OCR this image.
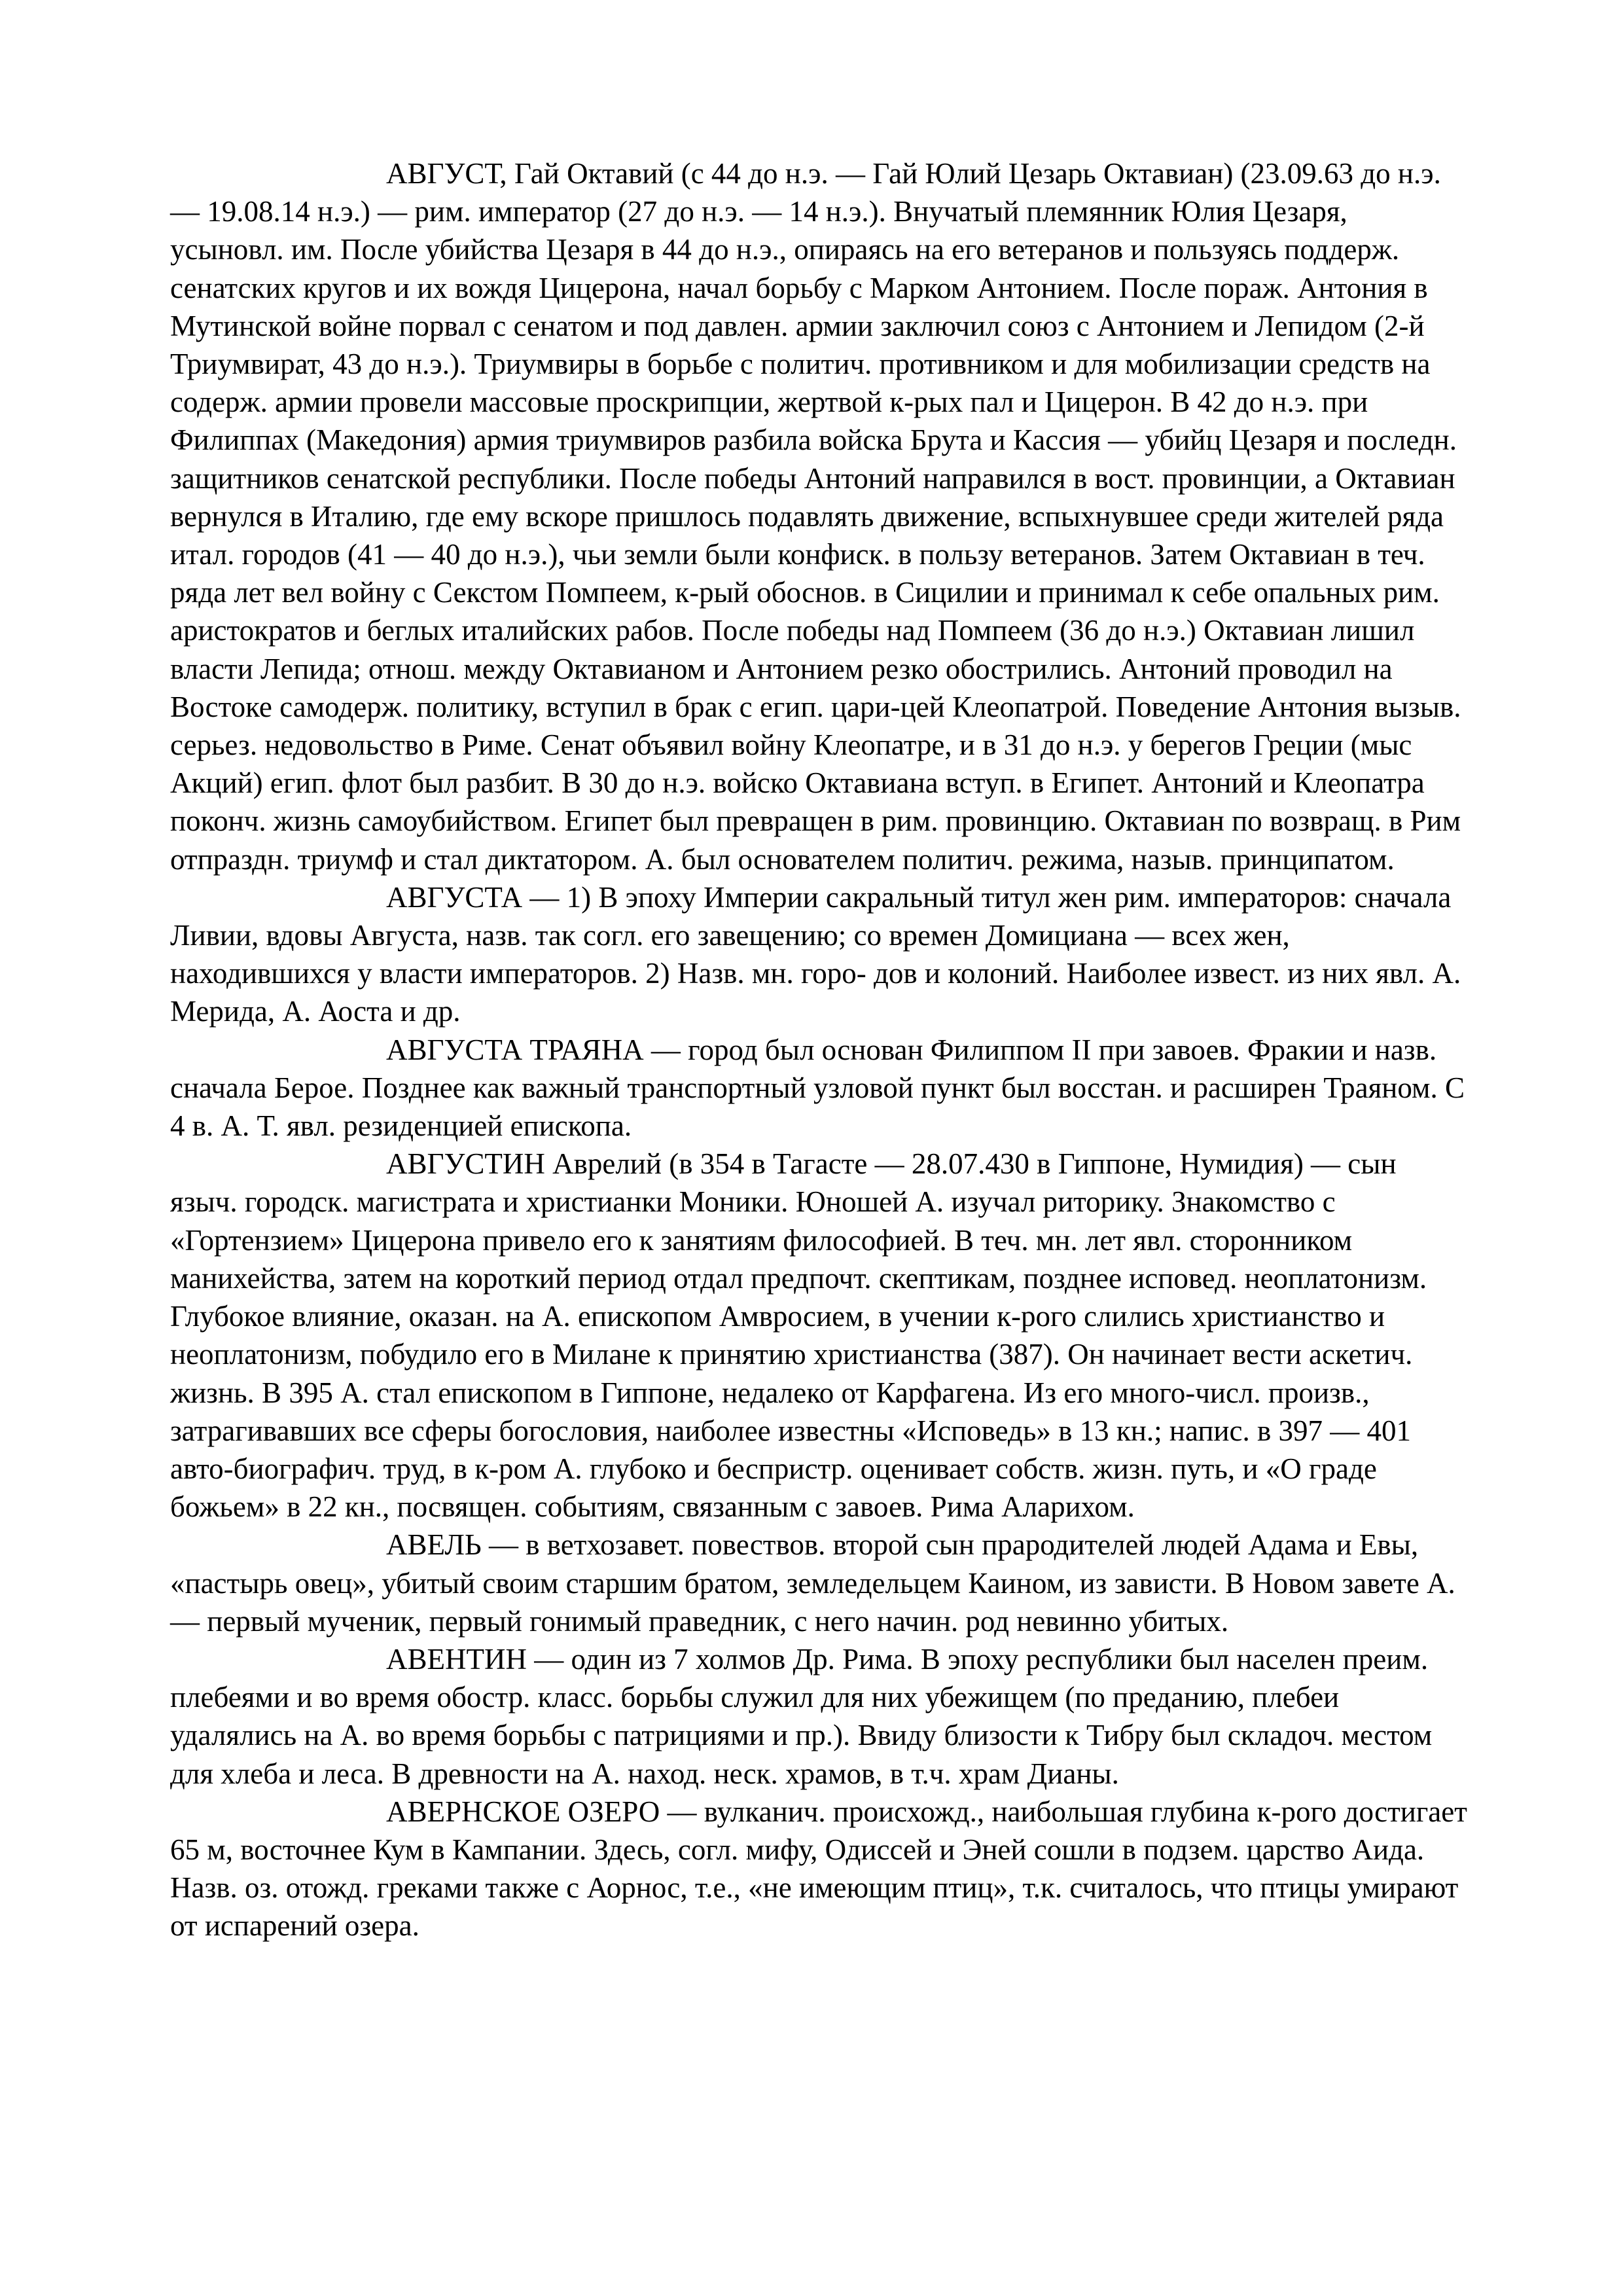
АВГУСТ, Гай Октавий (с 44 до н.э. — Гай Юлий Цезарь Октавиан) (23.09.63 до н.э. — 19.08.14 н.э.) — рим. император (27 до н.э. — 14 н.э.). Внучатый племянник Юлия Цезаря, усыновл. им. После убийства Цезаря в 44 до н.э., опираясь на его ветеранов и пользуясь поддерж. сенатских кругов и их вождя Цицерона, начал борьбу с Марком Антонием. После пораж. Антония в Мутинской войне порвал с сенатом и под давлен. армии заключил союз с Антонием и Лепидом (2-й Триумвират, 43 до н.э.). Триумвиры в борьбе с политич. противником и для мобилизации средств на содерж. армии провели массовые проскрипции, жертвой к-рых пал и Цицерон. В 42 до н.э. при Филиппах (Македония) армия триумвиров разбила войска Брута и Кассия — убийц Цезаря и последн. защитников сенатской республики. После победы Антоний направился в вост. провинции, а Октавиан вернулся в Италию, где ему вскоре пришлось подавлять движение, вспыхнувшее среди жителей ряда итал. городов (41 — 40 до н.э.), чьи земли были конфиск. в пользу ветеранов. Затем Октавиан в теч. ряда лет вел войну с Секстом Помпеем, к-рый обоснов. в Сицилии и принимал к себе опальных рим. аристократов и беглых италийских рабов. После победы над Помпеем (36 до н.э.) Октавиан лишил власти Лепида; отнош. между Октавианом и Антонием резко обострились. Антоний проводил на Востоке самодерж. политику, вступил в брак с егип. цари-цей Клеопатрой. Поведение Антония вызыв. серьез. недовольство в Риме. Сенат объявил войну Клеопатре, и в 31 до н.э. у берегов Греции (мыс Акций) егип. флот был разбит. В 30 до н.э. войско Октавиана вступ. в Египет. Антоний и Клеопатра поконч. жизнь самоубийством. Египет был превращен в рим. провинцию. Октавиан по возвращ. в Рим отпраздн. триумф и стал диктатором. А. был основателем политич. режима, назыв. принципатом.

АВГУСТА — 1) В эпоху Империи сакральный титул жен рим. императоров: сначала Ливии, вдовы Августа, назв. так согл. его завещению; со времен Домициана — всех жен, находившихся у власти императоров. 2) Назв. мн. горо- дов и колоний. Наиболее извест. из них явл. А. Мерида, А. Аоста и др.

АВГУСТА ТРАЯНА — город был основан Филиппом II при завоев. Фракии и назв. сначала Берое. Позднее как важный транспортный узловой пункт был восстан. и расширен Траяном. С 4 в. А. Т. явл. резиденцией епископа.

АВГУСТИН Аврелий (в 354 в Тагасте — 28.07.430 в Гиппоне, Нумидия) — сын языч. городск. магистрата и христианки Моники. Юношей А. изучал риторику. Знакомство с «Гортензием» Цицерона привело его к занятиям философией. В теч. мн. лет явл. сторонником манихейства, затем на короткий период отдал предпочт. скептикам, позднее исповед. неоплатонизм. Глубокое влияние, оказан. на А. епископом Амвросием, в учении к-рого слились христианство и неоплатонизм, побудило его в Милане к принятию христианства (387). Он начинает вести аскетич. жизнь. В 395 А. стал епископом в Гиппоне, недалеко от Карфагена. Из его много-числ. произв., затрагивавших все сферы богословия, наиболее известны «Исповедь» в 13 кн.; напис. в 397 — 401 авто-биографич. труд, в к-ром А. глубоко и беспристр. оценивает собств. жизн. путь, и «О граде божьем» в 22 кн., посвящен. событиям, связанным с завоев. Рима Аларихом.

АВЕЛЬ — в ветхозавет. повествов. второй сын прародителей людей Адама и Евы, «пастырь овец», убитый своим старшим братом, земледельцем Каином, из зависти. В Новом завете А. — первый мученик, первый гонимый праведник, с него начин. род невинно убитых.

АВЕНТИН — один из 7 холмов Др. Рима. В эпоху республики был населен преим. плебеями и во время обостр. класс. борьбы служил для них убежищем (по преданию, плебеи удалялись на А. во время борьбы с патрициями и пр.). Ввиду близости к Тибру был складоч. местом для хлеба и леса. В древности на А. наход. неск. храмов, в т.ч. храм Дианы.

АВЕРНСКОЕ ОЗЕРО — вулканич. происхожд., наибольшая глубина к-рого достигает 65 м, восточнее Кум в Кампании. Здесь, согл. мифу, Одиссей и Эней сошли в подзем. царство Аида. Назв. оз. отожд. греками также с Аорнос, т.е., «не имеющим птиц», т.к. считалось, что птицы умирают от испарений озера.
